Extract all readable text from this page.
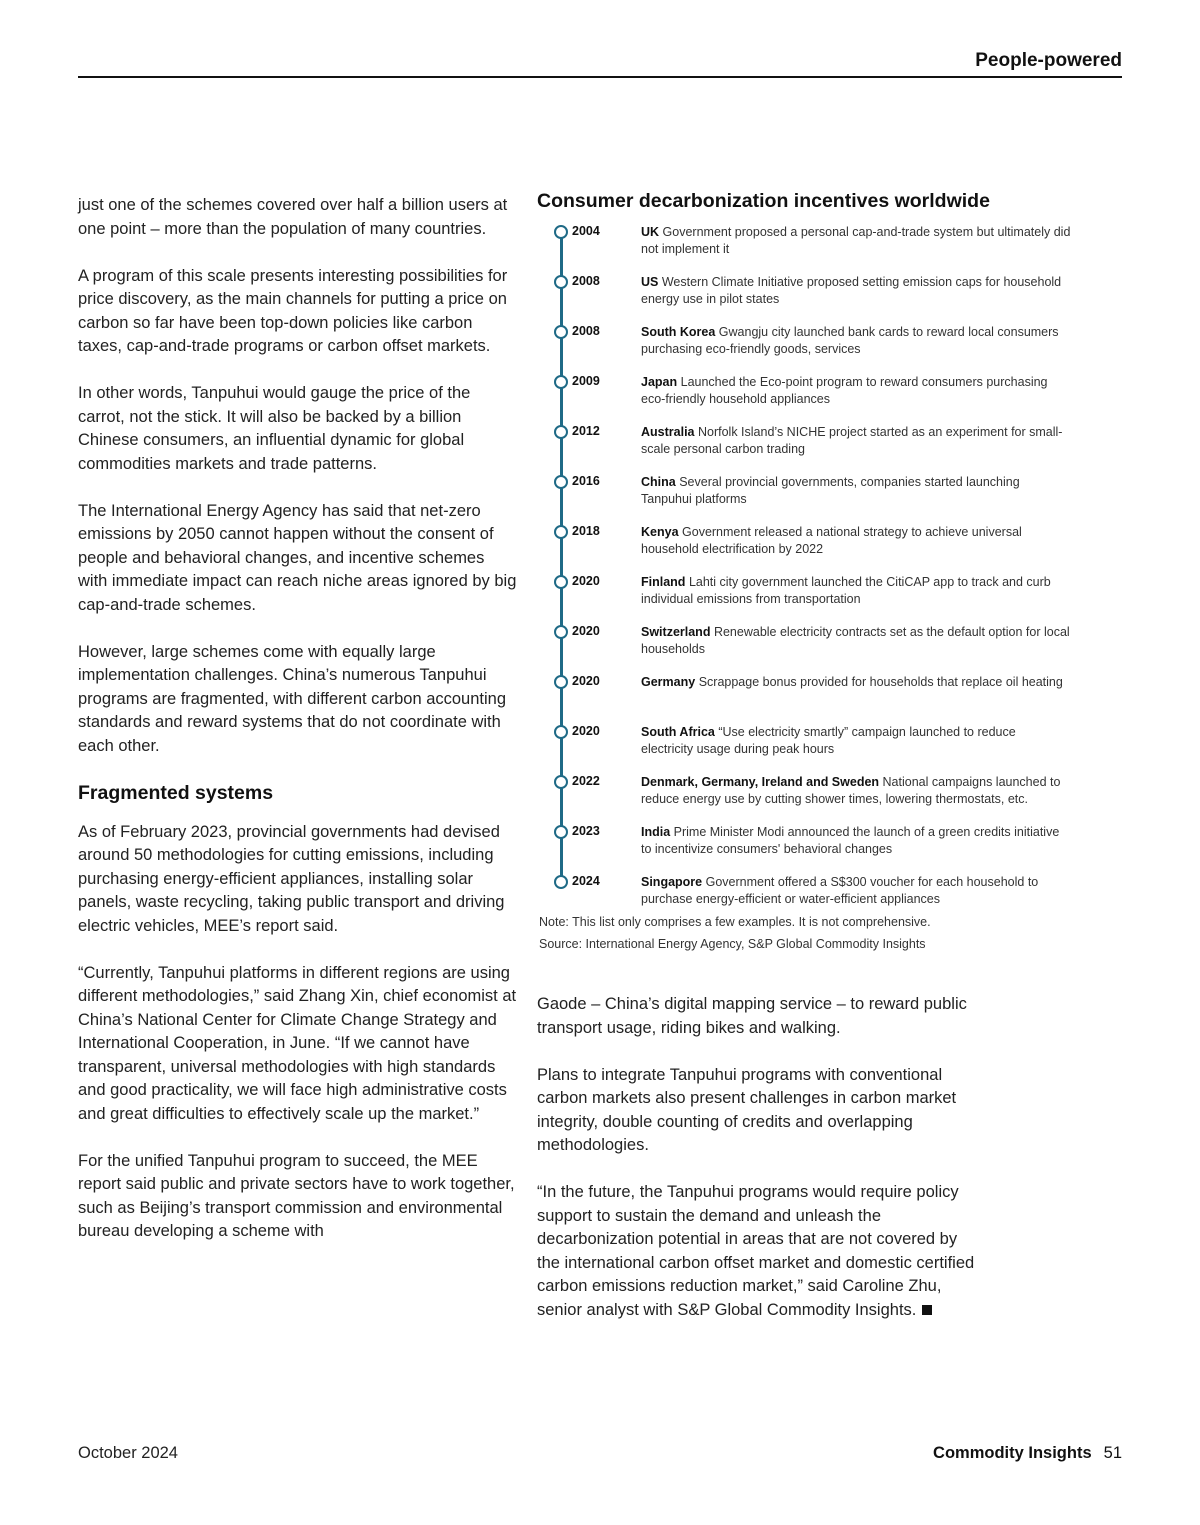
People-powered

just one of the schemes covered over half a billion users at one point – more than the population of many countries.

A program of this scale presents interesting possibilities for price discovery, as the main channels for putting a price on carbon so far have been top-down policies like carbon taxes, cap-and-trade programs or carbon offset markets.

In other words, Tanpuhui would gauge the price of the carrot, not the stick. It will also be backed by a billion Chinese consumers, an influential dynamic for global commodities markets and trade patterns.

The International Energy Agency has said that net-zero emissions by 2050 cannot happen without the consent of people and behavioral changes, and incentive schemes with immediate impact can reach niche areas ignored by big cap-and-trade schemes.

However, large schemes come with equally large implementation challenges. China’s numerous Tanpuhui programs are fragmented, with different carbon accounting standards and reward systems that do not coordinate with each other.

Fragmented systems

As of February 2023, provincial governments had devised around 50 methodologies for cutting emissions, including purchasing energy-efficient appliances, installing solar panels, waste recycling, taking public transport and driving electric vehicles, MEE’s report said.

“Currently, Tanpuhui platforms in different regions are using different methodologies,” said Zhang Xin, chief economist at China’s National Center for Climate Change Strategy and International Cooperation, in June. “If we cannot have transparent, universal methodologies with high standards and good practicality, we will face high administrative costs and great difficulties to effectively scale up the market.”

For the unified Tanpuhui program to succeed, the MEE report said public and private sectors have to work together, such as Beijing’s transport commission and environmental bureau developing a scheme with

Consumer decarbonization incentives worldwide
2004	UK Government proposed a personal cap-and-trade system but ultimately did not implement it
2008	US Western Climate Initiative proposed setting emission caps for household energy use in pilot states
2008	South Korea Gwangju city launched bank cards to reward local consumers purchasing eco-friendly goods, services
2009	Japan Launched the Eco-point program to reward consumers purchasing eco-friendly household appliances
2012	Australia Norfolk Island’s NICHE project started as an experiment for small-scale personal carbon trading
2016	China Several provincial governments, companies started launching Tanpuhui platforms
2018	Kenya Government released a national strategy to achieve universal household electrification by 2022
2020	Finland Lahti city government launched the CitiCAP app to track and curb individual emissions from transportation
2020	Switzerland Renewable electricity contracts set as the default option for local households
2020	Germany Scrappage bonus provided for households that replace oil heating
2020	South Africa “Use electricity smartly” campaign launched to reduce electricity usage during peak hours
2022	Denmark, Germany, Ireland and Sweden National campaigns launched to reduce energy use by cutting shower times, lowering thermostats, etc.
2023	India Prime Minister Modi announced the launch of a green credits initiative to incentivize consumers' behavioral changes
2024	Singapore Government offered a S$300 voucher for each household to purchase energy-efficient or water-efficient appliances
Note: This list only comprises a few examples. It is not comprehensive.
Source: International Energy Agency, S&P Global Commodity Insights

Gaode – China’s digital mapping service – to reward public transport usage, riding bikes and walking.

Plans to integrate Tanpuhui programs with conventional carbon markets also present challenges in carbon market integrity, double counting of credits and overlapping methodologies.

“In the future, the Tanpuhui programs would require policy support to sustain the demand and unleash the decarbonization potential in areas that are not covered by the international carbon offset market and domestic certified carbon emissions reduction market,” said Caroline Zhu, senior analyst with S&P Global Commodity Insights.

October 2024	Commodity Insights 51
